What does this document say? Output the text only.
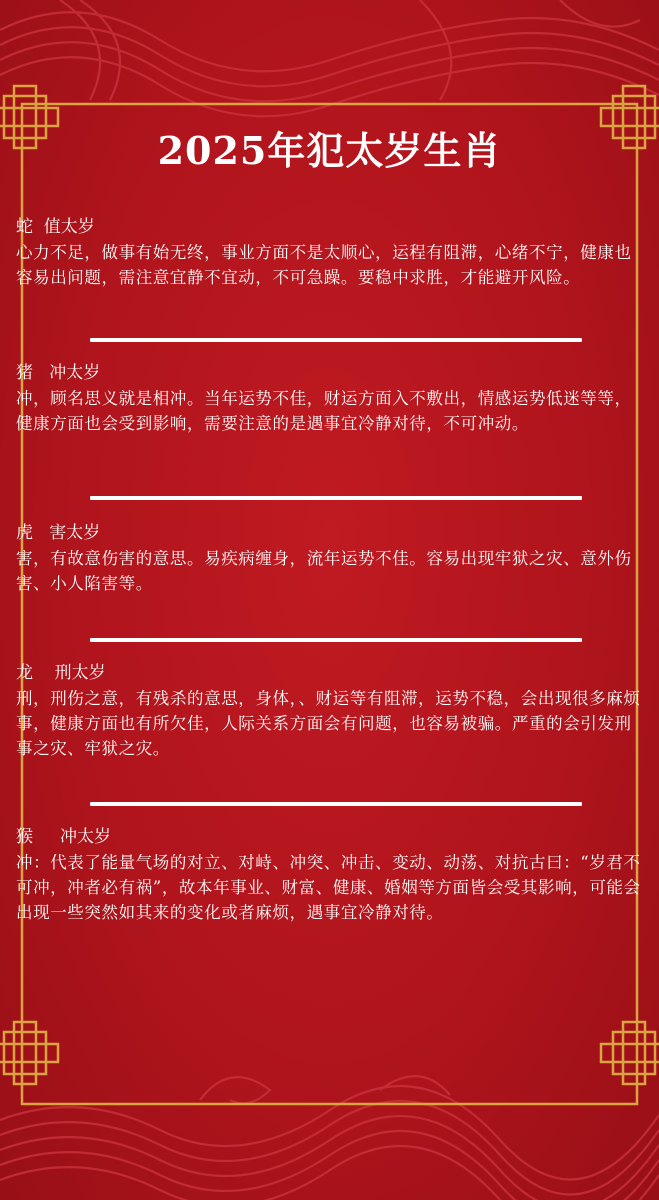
2025年犯太岁生肖
蛇  值太岁
心力不足，做事有始无终，事业方面不是太顺心，运程有阻滞，心绪不宁，健康也容易出问题，需注意宜静不宜动，不可急躁。要稳中求胜，才能避开风险。
猪   冲太岁
冲，顾名思义就是相冲。当年运势不佳，财运方面入不敷出，情感运势低迷等等，健康方面也会受到影响，需要注意的是遇事宜冷静对待，不可冲动。
虎   害太岁
害，有故意伤害的意思。易疾病缠身，流年运势不佳。容易出现牢狱之灾、意外伤害、小人陷害等。
龙    刑太岁
刑，刑伤之意，有残杀的意思，身体，、财运等有阻滞，运势不稳，会出现很多麻烦事，健康方面也有所欠佳，人际关系方面会有问题，也容易被骗。严重的会引发刑事之灾、牢狱之灾。
猴     冲太岁
冲：代表了能量气场的对立、对峙、冲突、冲击、变动、动荡、对抗古曰：“岁君不可冲，冲者必有祸”，故本年事业、财富、健康、婚姻等方面皆会受其影响，可能会出现一些突然如其来的变化或者麻烦，遇事宜冷静对待。
